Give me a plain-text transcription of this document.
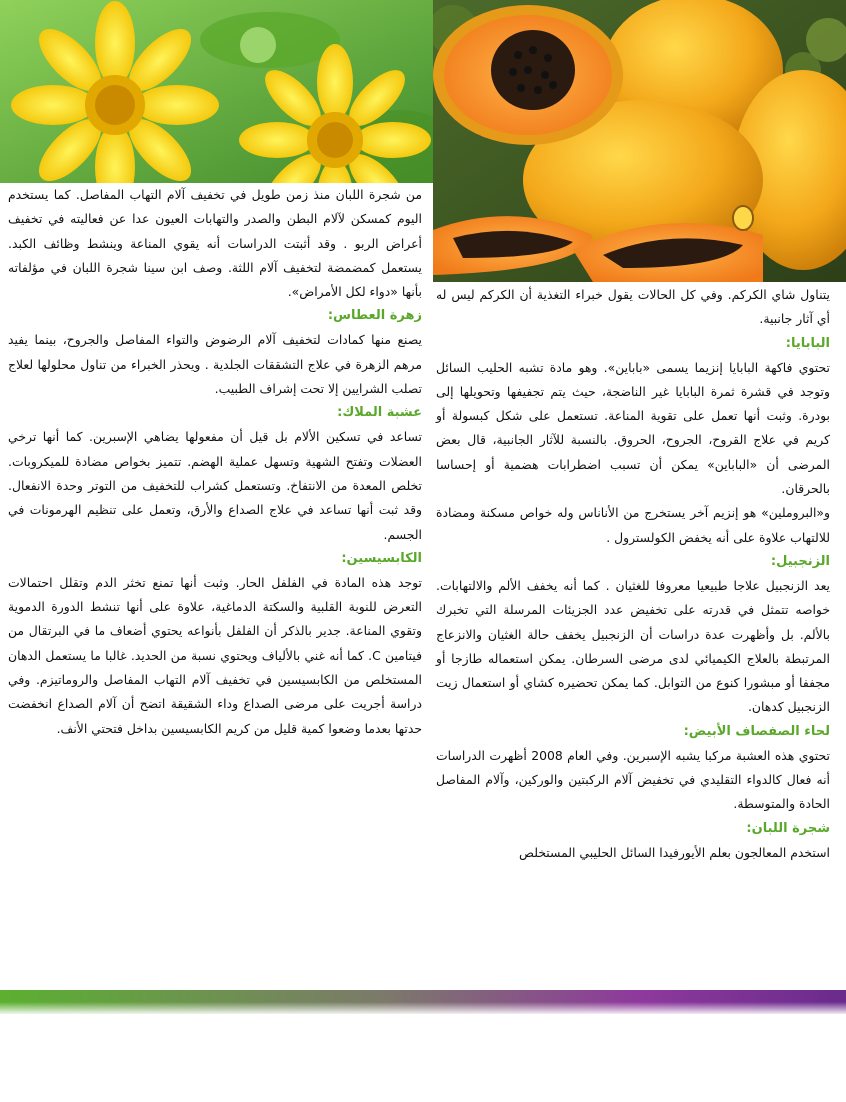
يتناول شاي الكركم. وفي كل الحالات يقول خبراء التغذية أن الكركم ليس له أي آثار جانبية.

البابايا:

تحتوي فاكهة البابايا إنزيما يسمى «باباين». وهو مادة تشبه الحليب السائل وتوجد في قشرة ثمرة البابايا غير الناضجة، حيث يتم تجفيفها وتحويلها إلى بودرة. وثبت أنها تعمل على تقوية المناعة. تستعمل على شكل كبسولة أو كريم في علاج القروح، الجروح، الحروق. بالنسبة للآثار الجانبية، قال بعض المرضى أن «الباباين» يمكن أن تسبب اضطرابات هضمية أو إحساسا بالحرقان.

و«البروملين» هو إنزيم آخر يستخرج من الأناناس وله خواص مسكنة ومضادة للالتهاب علاوة على أنه يخفض الكولسترول .

الزنجبيل:

يعد الزنجبيل علاجا طبيعيا معروفا للغثيان . كما أنه يخفف الألم والالتهابات. خواصه تتمثل في قدرته على تخفيض عدد الجزيئات المرسلة التي تخبرك بالألم. بل وأظهرت عدة دراسات أن الزنجبيل يخفف حالة الغثيان والانزعاج المرتبطة بالعلاج الكيميائي لدى مرضى السرطان. يمكن استعماله طازجا أو مجففا أو مبشورا كنوع من التوابل. كما يمكن تحضيره كشاي أو استعمال زيت الزنجبيل كدهان.

لحاء الصفصاف الأبيض:

تحتوي هذه العشبة مركبا يشبه الإسبرين. وفي العام 2008 أظهرت الدراسات أنه فعال كالدواء التقليدي في تخفيض آلام الركبتين والوركين، وآلام المفاصل الحادة والمتوسطة.

شجرة اللبان:

استخدم المعالجون بعلم الأيورفيدا السائل الحليبي المستخلص

من شجرة اللبان منذ زمن طويل في تخفيف آلام التهاب المفاصل. كما يستخدم اليوم كمسكن لآلام البطن والصدر والتهابات العيون عدا عن فعاليته في تخفيف أعراض الربو . وقد أثبتت الدراسات أنه يقوي المناعة وينشط وظائف الكبد. يستعمل كمضمضة لتخفيف آلام اللثة. وصف ابن سينا شجرة اللبان في مؤلفاته بأنها «دواء لكل الأمراض».

زهرة العطاس:

يصنع منها كمادات لتخفيف آلام الرضوض والتواء المفاصل والجروح، بينما يفيد مرهم الزهرة في علاج التشققات الجلدية . ويحذر الخبراء من تناول محلولها لعلاج تصلب الشرايين إلا تحت إشراف الطبيب.

عشبة الملاك:

تساعد في تسكين الألام بل قيل أن مفعولها يضاهي الإسبرين. كما أنها ترخي العضلات وتفتح الشهية وتسهل عملية الهضم. تتميز بخواص مضادة للميكروبات. تخلص المعدة من الانتفاخ. وتستعمل كشراب للتخفيف من التوتر وحدة الانفعال. وقد ثبت أنها تساعد في علاج الصداع والأرق، وتعمل على تنظيم الهرمونات في الجسم.

الكابسيسين:

توجد هذه المادة في الفلفل الحار. وثبت أنها تمنع تخثر الدم وتقلل احتمالات التعرض للنوبة القلبية والسكتة الدماغية، علاوة على أنها تنشط الدورة الدموية وتقوي المناعة. جدير بالذكر أن الفلفل بأنواعه يحتوي أضعاف ما في البرتقال من فيتامين C. كما أنه غني بالألياف ويحتوي نسبة من الحديد. غالبا ما يستعمل الدهان المستخلص من الكابسيسين في تخفيف آلام التهاب المفاصل والروماتيزم. وفي دراسة أجريت على مرضى الصداع وداء الشقيقة اتضح أن آلام الصداع انخفضت حدتها بعدما وضعوا كمية قليل من كريم الكابسيسين بداخل فتحتي الأنف.
